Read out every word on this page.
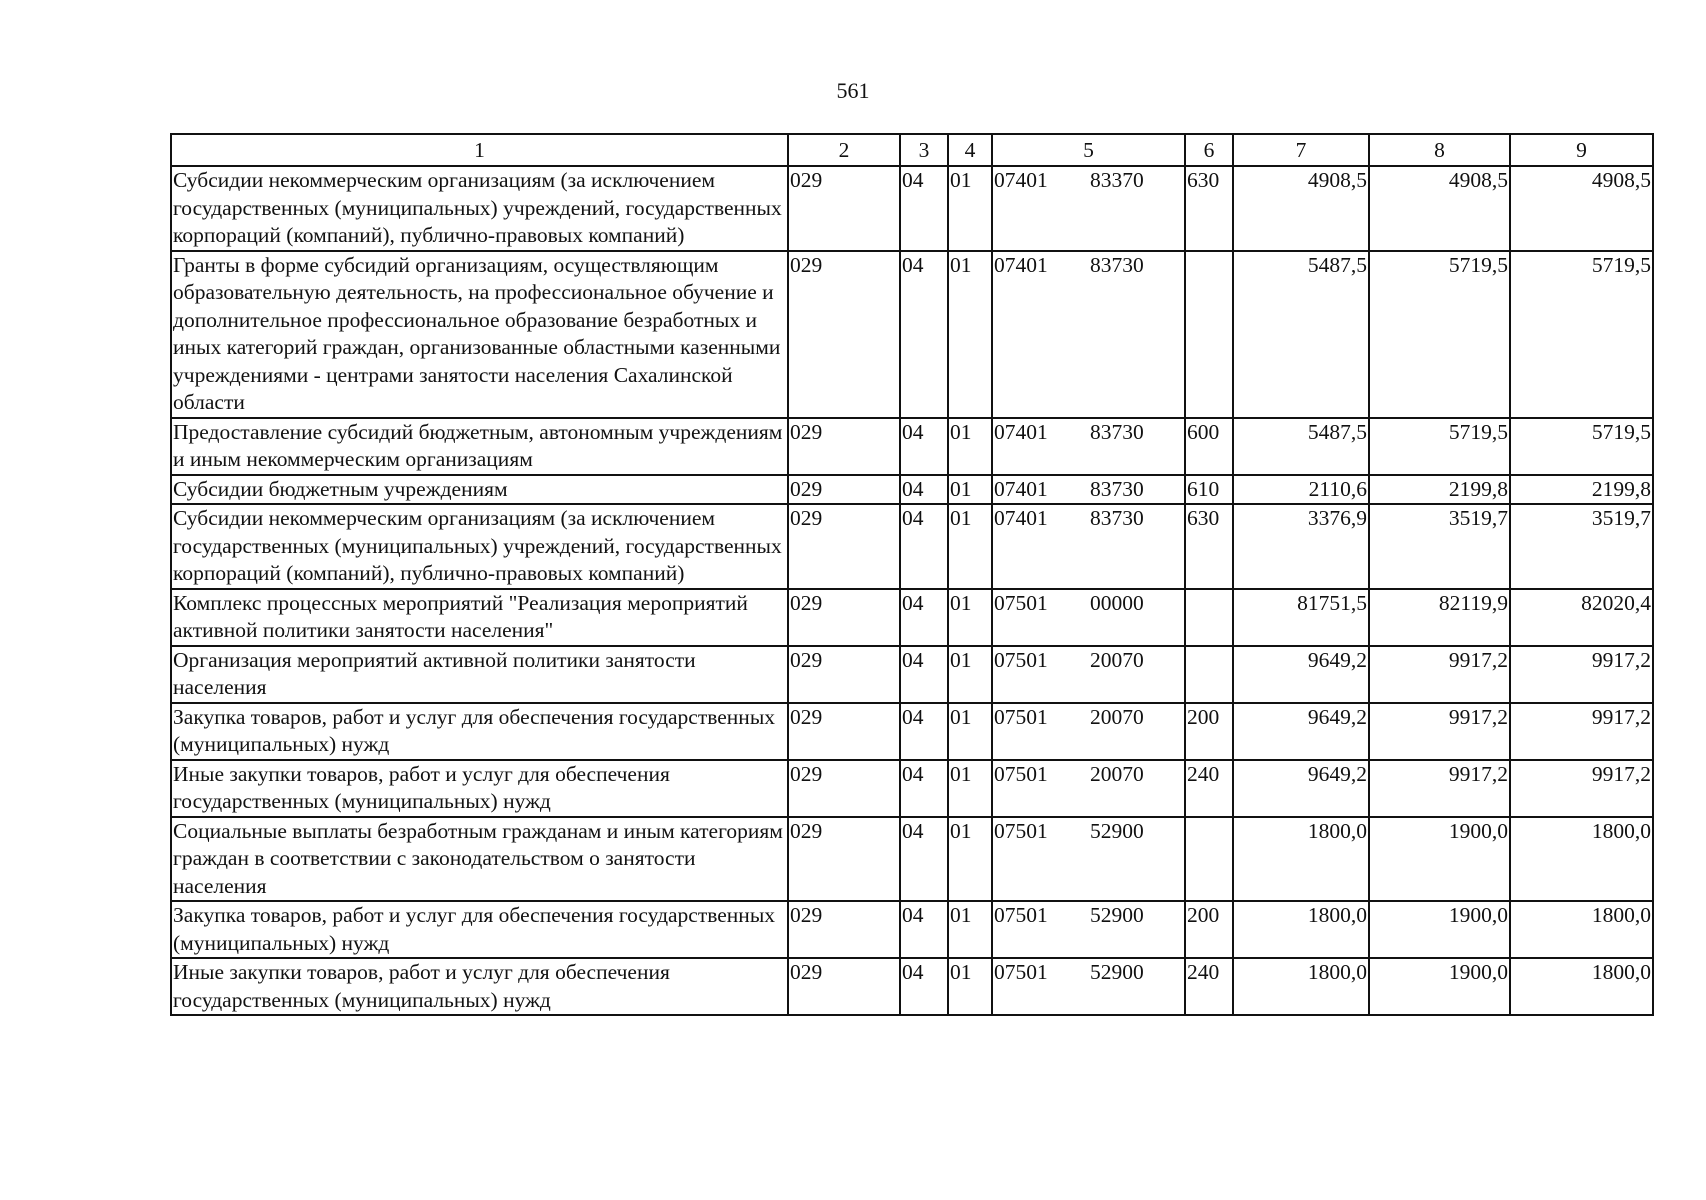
561
1	2	3	4	5	6	7	8	9
Субсидии некоммерческим организациям (за исключением государственных (муниципальных) учреждений, государственных корпораций (компаний), публично-правовых компаний)	029	04	01	07401 83370	630	4908,5	4908,5	4908,5
Гранты в форме субсидий организациям, осуществляющим образовательную деятельность, на профессиональное обучение и дополнительное профессиональное образование безработных и иных категорий граждан, организованные областными казенными учреждениями - центрами занятости населения Сахалинской области	029	04	01	07401 83730		5487,5	5719,5	5719,5
Предоставление субсидий бюджетным, автономным учреждениям и иным некоммерческим организациям	029	04	01	07401 83730	600	5487,5	5719,5	5719,5
Субсидии бюджетным учреждениям	029	04	01	07401 83730	610	2110,6	2199,8	2199,8
Субсидии некоммерческим организациям (за исключением государственных (муниципальных) учреждений, государственных корпораций (компаний), публично-правовых компаний)	029	04	01	07401 83730	630	3376,9	3519,7	3519,7
Комплекс процессных мероприятий "Реализация мероприятий активной политики занятости населения"	029	04	01	07501 00000		81751,5	82119,9	82020,4
Организация мероприятий активной политики занятости населения	029	04	01	07501 20070		9649,2	9917,2	9917,2
Закупка товаров, работ и услуг для обеспечения государственных (муниципальных) нужд	029	04	01	07501 20070	200	9649,2	9917,2	9917,2
Иные закупки товаров, работ и услуг для обеспечения государственных (муниципальных) нужд	029	04	01	07501 20070	240	9649,2	9917,2	9917,2
Социальные выплаты безработным гражданам и иным категориям граждан в соответствии с законодательством о занятости населения	029	04	01	07501 52900		1800,0	1900,0	1800,0
Закупка товаров, работ и услуг для обеспечения государственных (муниципальных) нужд	029	04	01	07501 52900	200	1800,0	1900,0	1800,0
Иные закупки товаров, работ и услуг для обеспечения государственных (муниципальных) нужд	029	04	01	07501 52900	240	1800,0	1900,0	1800,0
